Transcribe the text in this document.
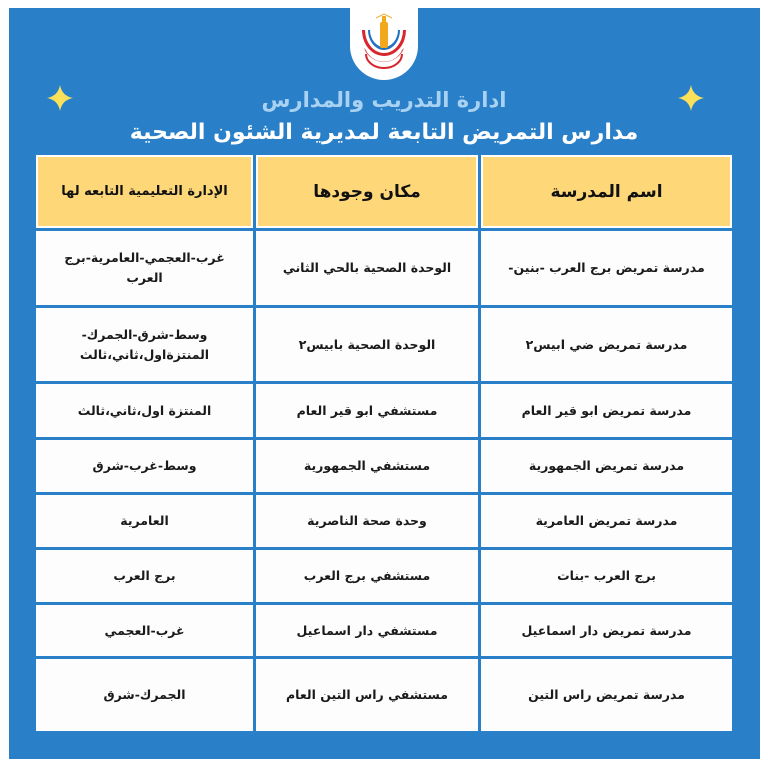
ادارة التدريب والمدارس
مدارس التمريض التابعة لمديرية الشئون الصحية
اسم المدرسة
مكان وجودها
الإدارة التعليمية التابعه لها
مدرسة تمريض برج العرب -بنين-
الوحدة الصحية بالحي الثاني
غرب-العجمي-العامرية-برج العرب
مدرسة تمريض ضي ابيس٢
الوحدة الصحية بابيس٢
وسط-شرق-الجمرك-المنتزةاول،ثاني،ثالث
مدرسة تمريض ابو قير العام
مستشفي ابو قير العام
المنتزة اول،ثاني،ثالث
مدرسة تمريض الجمهورية
مستشفي الجمهورية
وسط-غرب-شرق
مدرسة تمريض العامرية
وحدة صحة الناصرية
العامرية
برج العرب -بنات
مستشفي برج العرب
برج العرب
مدرسة تمريض دار اسماعيل
مستشفي دار اسماعيل
غرب-العجمي
مدرسة تمريض راس التين
مستشفي راس التين العام
الجمرك-شرق
